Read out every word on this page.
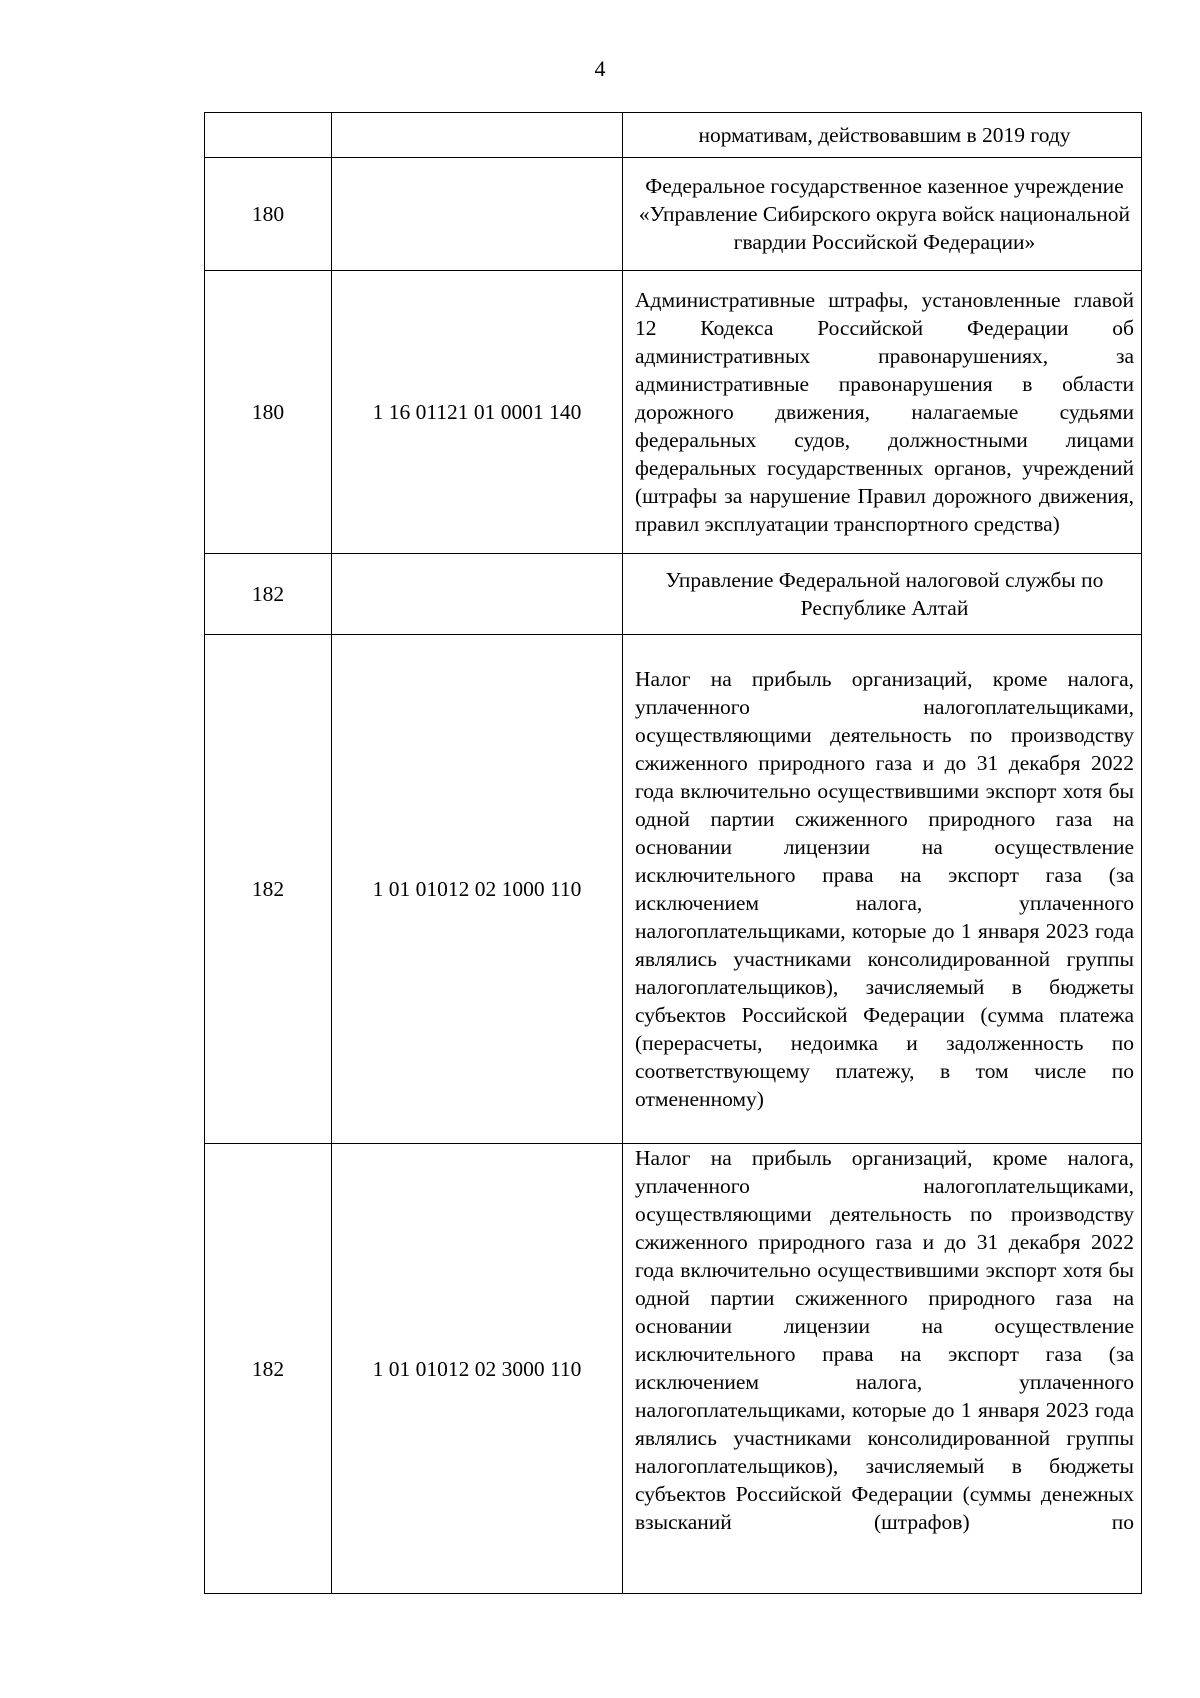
4
		нормативам, действовавшим в 2019 году
180		Федеральное государственное казенное учреждение «Управление Сибирского округа войск национальной гвардии Российской Федерации»
180	1 16 01121 01 0001 140	Административные штрафы, установленные главой 12 Кодекса Российской Федерации об административных правонарушениях, за административные правонарушения в области дорожного движения, налагаемые судьями федеральных судов, должностными лицами федеральных государственных органов, учреждений (штрафы за нарушение Правил дорожного движения, правил эксплуатации транспортного средства)
182		Управление Федеральной налоговой службы по Республике Алтай
182	1 01 01012 02 1000 110	Налог на прибыль организаций, кроме налога, уплаченного налогоплательщиками, осуществляющими деятельность по производству сжиженного природного газа и до 31 декабря 2022 года включительно осуществившими экспорт хотя бы одной партии сжиженного природного газа на основании лицензии на осуществление исключительного права на экспорт газа (за исключением налога, уплаченного налогоплательщиками, которые до 1 января 2023 года являлись участниками консолидированной группы налогоплательщиков), зачисляемый в бюджеты субъектов Российской Федерации (сумма платежа (перерасчеты, недоимка и задолженность по соответствующему платежу, в том числе по отмененному)
182	1 01 01012 02 3000 110	Налог на прибыль организаций, кроме налога, уплаченного налогоплательщиками, осуществляющими деятельность по производству сжиженного природного газа и до 31 декабря 2022 года включительно осуществившими экспорт хотя бы одной партии сжиженного природного газа на основании лицензии на осуществление исключительного права на экспорт газа (за исключением налога, уплаченного налогоплательщиками, которые до 1 января 2023 года являлись участниками консолидированной группы налогоплательщиков), зачисляемый в бюджеты субъектов Российской Федерации (суммы денежных взысканий (штрафов) по
